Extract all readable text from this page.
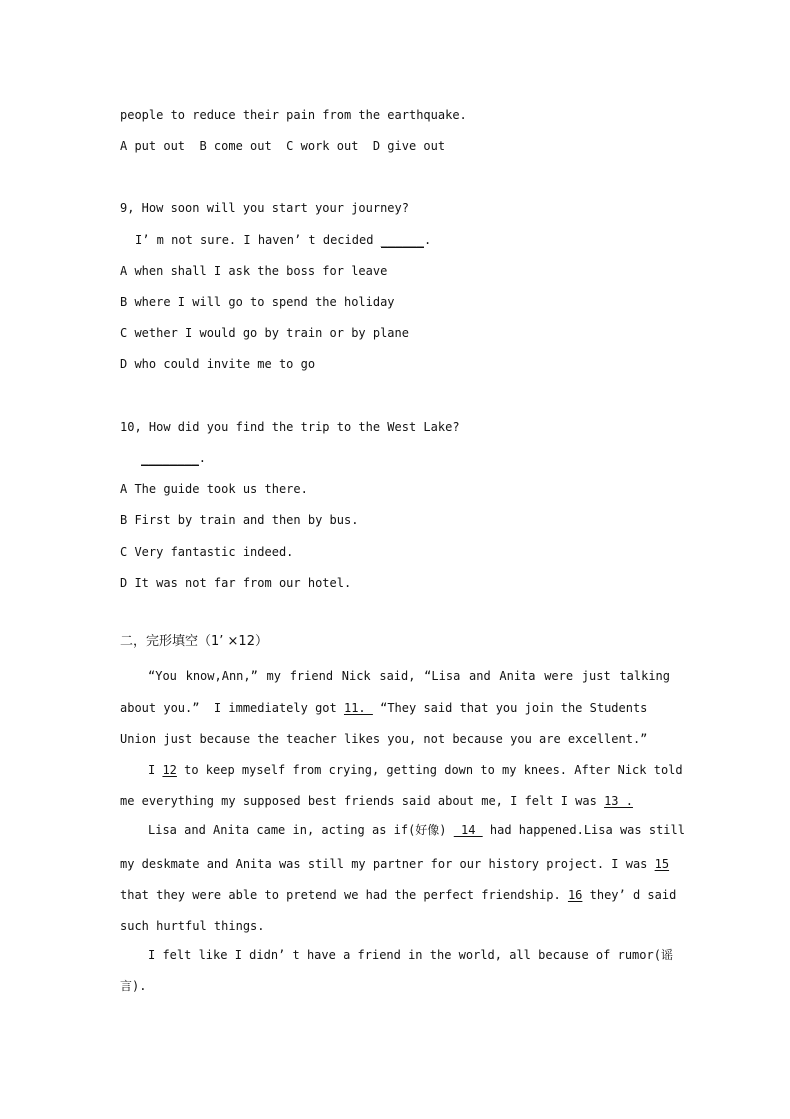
people to reduce their pain from the earthquake.
A put out  B come out  C work out  D give out
9, How soon will you start your journey?
I’ m not sure. I haven’ t decided ______.
A when shall I ask the boss for leave
B where I will go to spend the holiday
C wether I would go by train or by plane
D who could invite me to go
10, How did you find the trip to the West Lake?
________.
A The guide took us there.
B First by train and then by bus.
C Very fantastic indeed.
D It was not far from our hotel.
二，完形填空（1’ ×12）
“You know,Ann,” my friend Nick said, “Lisa and Anita were just talking
about you.”  I immediately got 11.  “They said that you join the Students
Union just because the teacher likes you, not because you are excellent.”
I 12 to keep myself from crying, getting down to my knees. After Nick told
me everything my supposed best friends said about me, I felt I was 13 .
Lisa and Anita came in, acting as if(好像)  14  had happened.Lisa was still
my deskmate and Anita was still my partner for our history project. I was 15
that they were able to pretend we had the perfect friendship. 16 they’ d said
such hurtful things.
I felt like I didn’ t have a friend in the world, all because of rumor(谣
言).
